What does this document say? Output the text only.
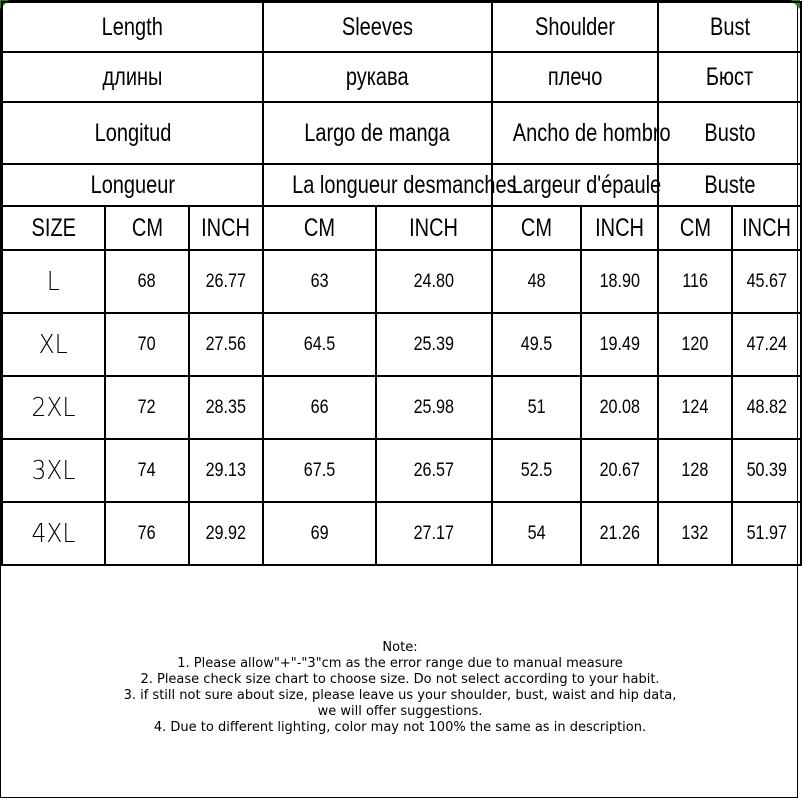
Length			Sleeves		Shoulder		Bust	
длины			рукава		плечо		Бюст	
Longitud			Largo de manga		Ancho de hombro		Busto	
Longueur			La longueur desmanches		Largeur d'épaule		Buste	
SIZE	CM	INCH	CM	INCH	CM	INCH	CM	INCH
L	68	26.77	63	24.80	48	18.90	116	45.67
XL	70	27.56	64.5	25.39	49.5	19.49	120	47.24
2XL	72	28.35	66	25.98	51	20.08	124	48.82
3XL	74	29.13	67.5	26.57	52.5	20.67	128	50.39
4XL	76	29.92	69	27.17	54	21.26	132	51.97
Note:
1. Please allow"+"-"3"cm as the error range due to manual measure
2. Please check size chart to choose size. Do not select according to your habit.
3. if still not sure about size, please leave us your shoulder, bust, waist and hip data,
we will offer suggestions.
4. Due to different lighting, color may not 100% the same as in description.
